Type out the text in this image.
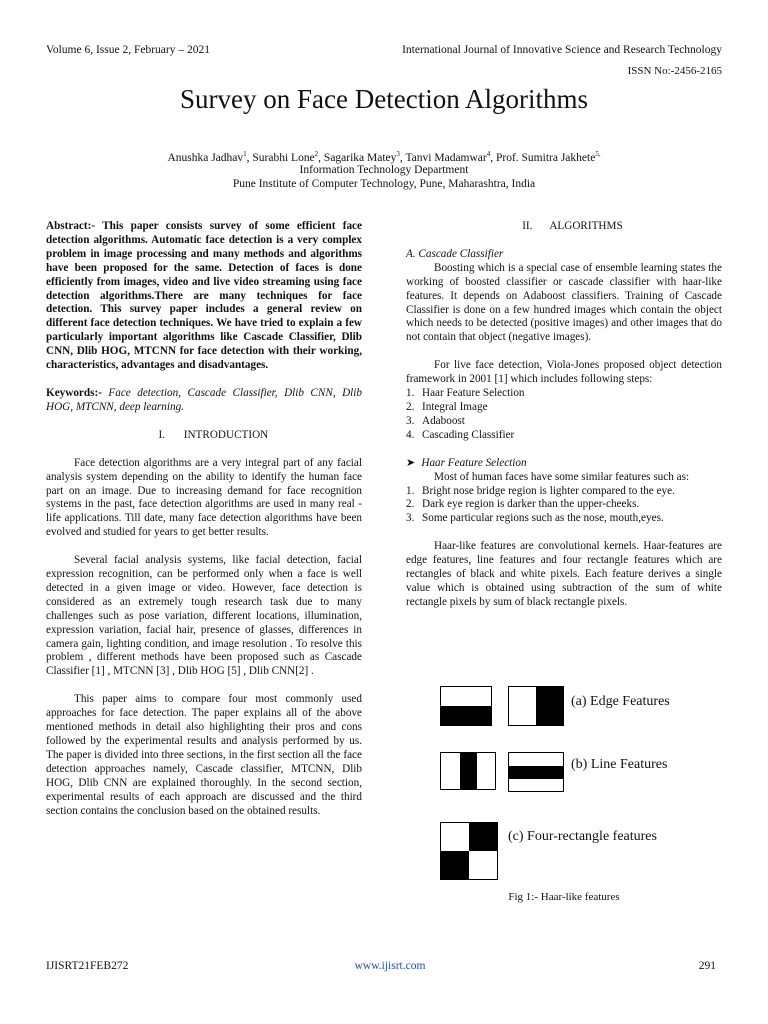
Volume 6, Issue 2, February – 2021	International Journal of Innovative Science and Research Technology
ISSN No:-2456-2165
Survey on Face Detection Algorithms
Anushka Jadhav$^1$, Surabhi Lone$^2$, Sagarika Matey$^3$, Tanvi Madamwar$^4$, Prof. Sumitra Jakhete$^{5,}$
Information Technology Department
Pune Institute of Computer Technology, Pune, Maharashtra, India

Abstract:- This paper consists survey of some efficient face detection algorithms. Automatic face detection is a very complex problem in image processing and many methods and algorithms have been proposed for the same. Detection of faces is done efficiently from images, video and live video streaming using face detection algorithms.There are many techniques for face detection. This survey paper includes a general review on different face detection techniques. We have tried to explain a few particularly important algorithms like Cascade Classifier, Dlib CNN, Dlib HOG, MTCNN for face detection with their working, characteristics, advantages and disadvantages.

Keywords:- Face detection, Cascade Classifier, Dlib CNN, Dlib HOG, MTCNN, deep learning.

I. INTRODUCTION

Face detection algorithms are a very integral part of any facial analysis system depending on the ability to identify the human face part on an image. Due to increasing demand for face recognition systems in the past, face detection algorithms are used in many real - life applications. Till date, many face detection algorithms have been evolved and studied for years to get better results.

Several facial analysis systems, like facial detection, facial expression recognition, can be performed only when a face is well detected in a given image or video. However, face detection is considered as an extremely tough research task due to many challenges such as pose variation, different locations, illumination, expression variation, facial hair, presence of glasses, differences in camera gain, lighting condition, and image resolution . To resolve this problem , different methods have been proposed such as Cascade Classifier [1] , MTCNN [3] , Dlib HOG [5] , Dlib CNN[2] .

This paper aims to compare four most commonly used approaches for face detection. The paper explains all of the above mentioned methods in detail also highlighting their pros and cons followed by the experimental results and analysis performed by us. The paper is divided into three sections, in the first section all the face detection approaches namely, Cascade classifier, MTCNN, Dlib HOG, Dlib CNN are explained thoroughly. In the second section, experimental results of each approach are discussed and the third section contains the conclusion based on the obtained results.

II. ALGORITHMS

A. Cascade Classifier

Boosting which is a special case of ensemble learning states the working of boosted classifier or cascade classifier with haar-like features. It depends on Adaboost classifiers. Training of Cascade Classifier is done on a few hundred images which contain the object which needs to be detected (positive images) and other images that do not contain that object (negative images).

For live face detection, Viola-Jones proposed object detection framework in 2001 [1] which includes following steps:

1. Haar Feature Selection
2. Integral Image
3. Adaboost
4. Cascading Classifier

➤ Haar Feature Selection

Most of human faces have some similar features such as:

1. Bright nose bridge region is lighter compared to the eye.
2. Dark eye region is darker than the upper-cheeks.
3. Some particular regions such as the nose, mouth,eyes.

Haar-like features are convolutional kernels. Haar-features are edge features, line features and four rectangle features which are rectangles of black and white pixels. Each feature derives a single value which is obtained using subtraction of the sum of white rectangle pixels by sum of black rectangle pixels.

(a) Edge Features
(b) Line Features
(c) Four-rectangle features
Fig 1:- Haar-like features
IJISRT21FEB272	www.ijisrt.com	291
